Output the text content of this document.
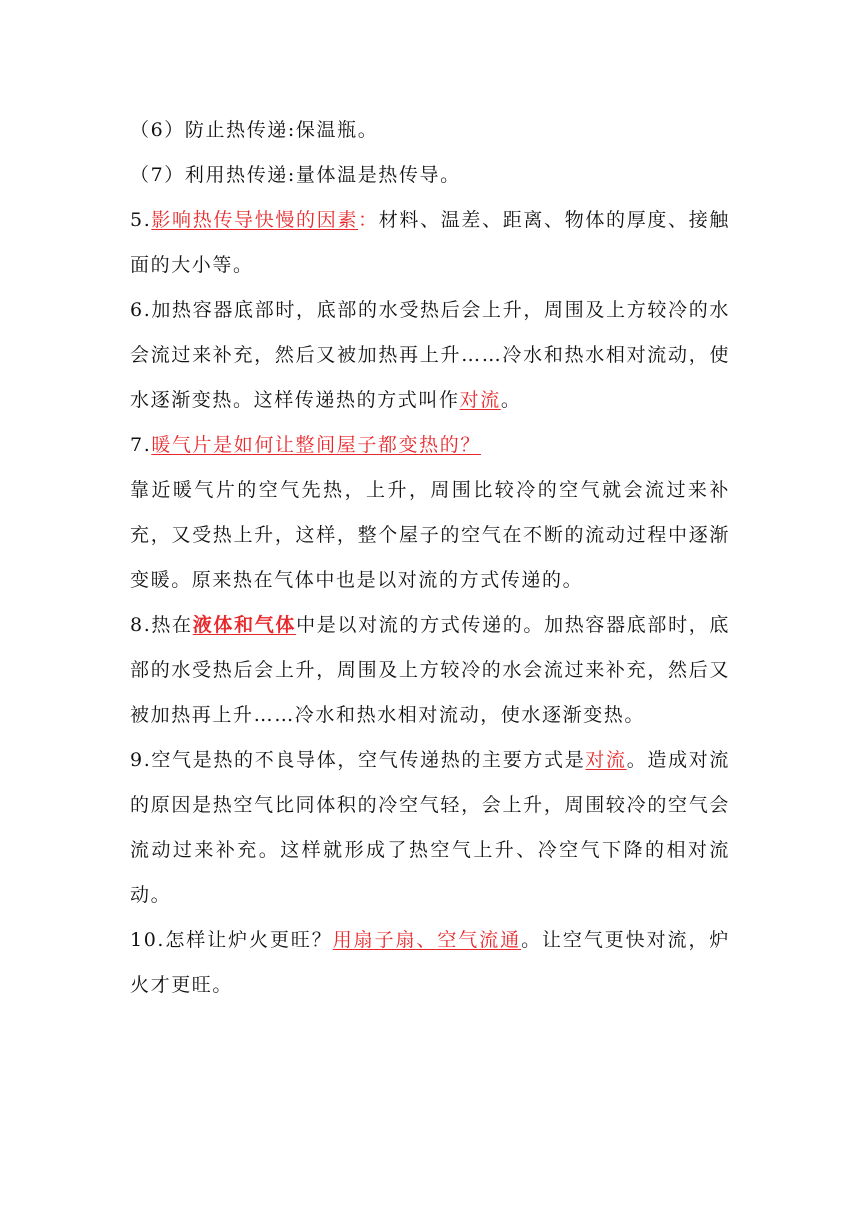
（6）防止热传递:保温瓶。

（7）利用热传递:量体温是热传导。

5.影响热传导快慢的因素：材料、温差、距离、物体的厚度、接触面的大小等。

6.加热容器底部时，底部的水受热后会上升，周围及上方较冷的水会流过来补充，然后又被加热再上升……冷水和热水相对流动，使水逐渐变热。这样传递热的方式叫作对流。

7.暖气片是如何让整间屋子都变热的？

靠近暖气片的空气先热，上升，周围比较冷的空气就会流过来补充，又受热上升，这样，整个屋子的空气在不断的流动过程中逐渐变暖。原来热在气体中也是以对流的方式传递的。

8.热在液体和气体中是以对流的方式传递的。加热容器底部时，底部的水受热后会上升，周围及上方较冷的水会流过来补充，然后又被加热再上升……冷水和热水相对流动，使水逐渐变热。

9.空气是热的不良导体，空气传递热的主要方式是对流。造成对流的原因是热空气比同体积的冷空气轻，会上升，周围较冷的空气会流动过来补充。这样就形成了热空气上升、冷空气下降的相对流动。

10.怎样让炉火更旺？用扇子扇、空气流通。让空气更快对流，炉火才更旺。
